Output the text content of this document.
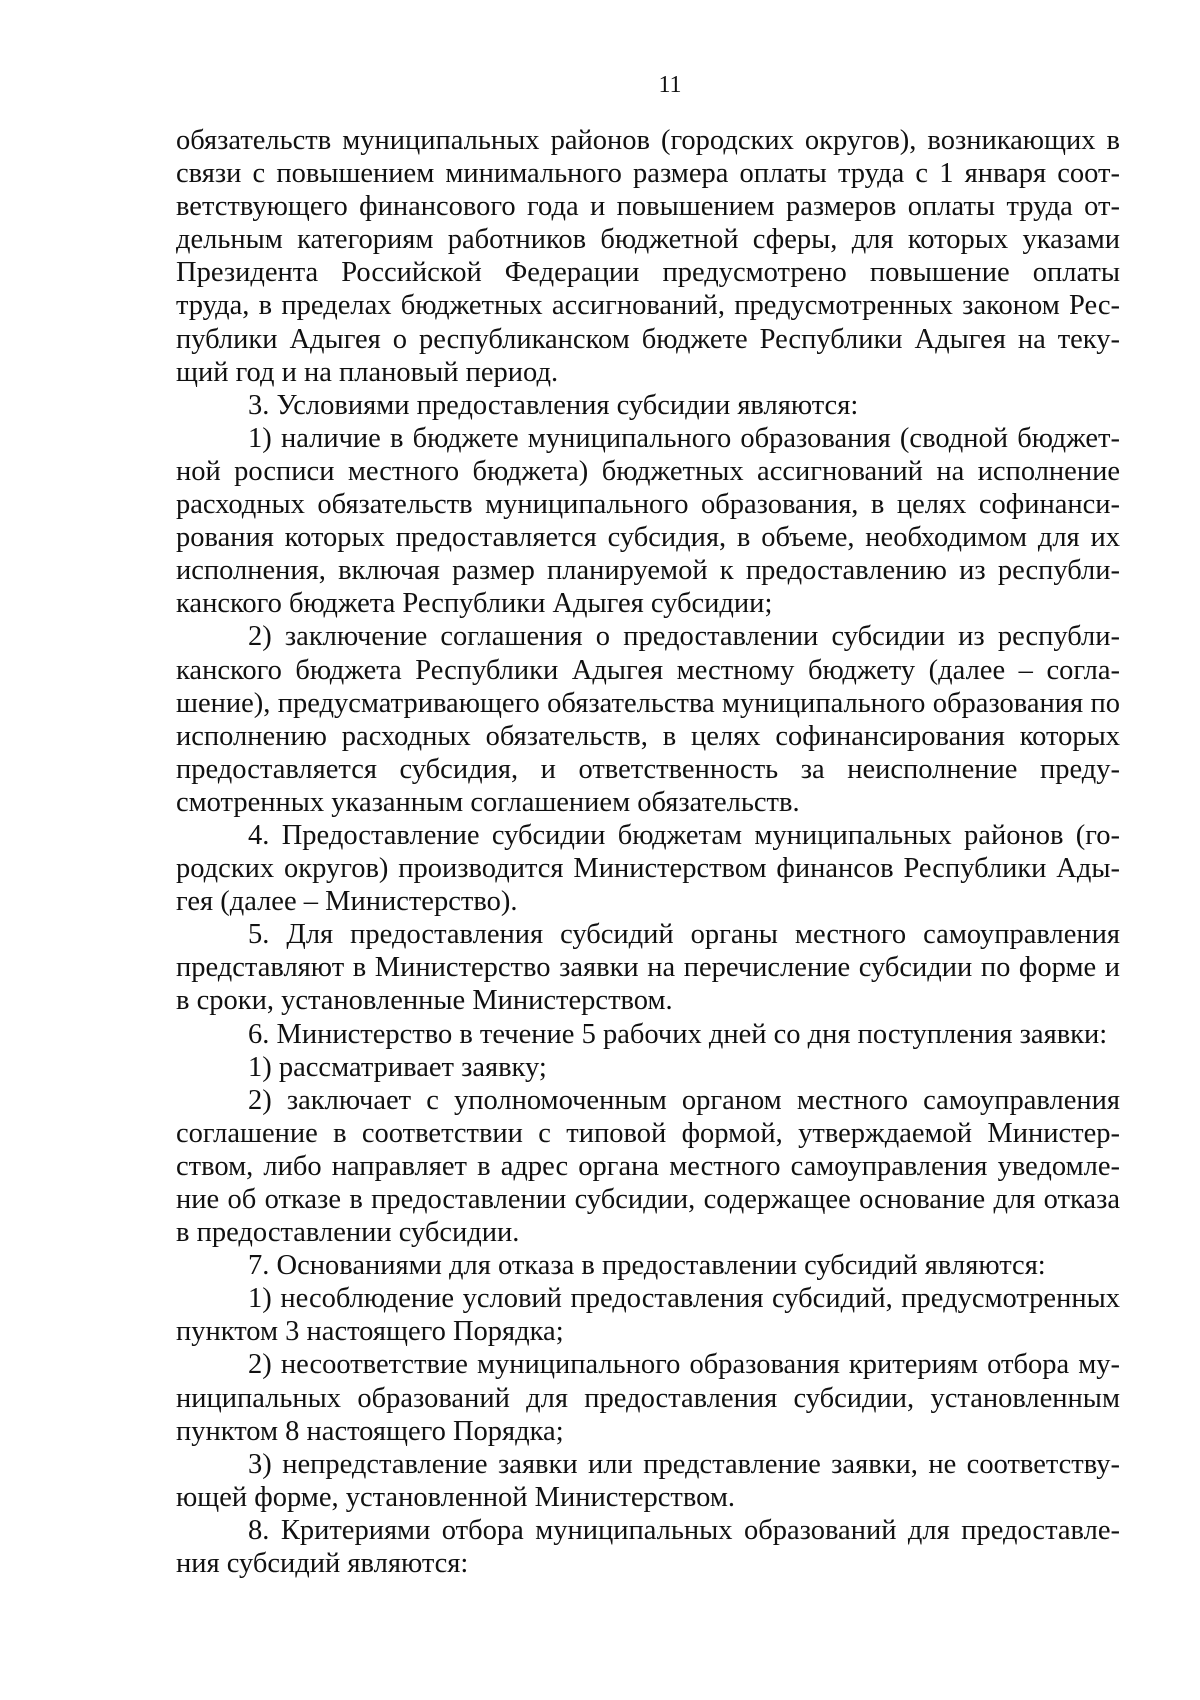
11

обязательств муниципальных районов (городских округов), возникающих в связи с повышением минимального размера оплаты труда с 1 января соответствующего финансового года и повышением размеров оплаты труда отдельным категориям работников бюджетной сферы, для которых указами Президента Российской Федерации предусмотрено повышение оплаты труда, в пределах бюджетных ассигнований, предусмотренных законом Республики Адыгея о республиканском бюджете Республики Адыгея на текущий год и на плановый период.

3. Условиями предоставления субсидии являются:

1) наличие в бюджете муниципального образования (сводной бюджетной росписи местного бюджета) бюджетных ассигнований на исполнение расходных обязательств муниципального образования, в целях софинансирования которых предоставляется субсидия, в объеме, необходимом для их исполнения, включая размер планируемой к предоставлению из республиканского бюджета Республики Адыгея субсидии;

2) заключение соглашения о предоставлении субсидии из республиканского бюджета Республики Адыгея местному бюджету (далее – соглашение), предусматривающего обязательства муниципального образования по исполнению расходных обязательств, в целях софинансирования которых предоставляется субсидия, и ответственность за неисполнение предусмотренных указанным соглашением обязательств.

4. Предоставление субсидии бюджетам муниципальных районов (городских округов) производится Министерством финансов Республики Адыгея (далее – Министерство).

5. Для предоставления субсидий органы местного самоуправления представляют в Министерство заявки на перечисление субсидии по форме и в сроки, установленные Министерством.

6. Министерство в течение 5 рабочих дней со дня поступления заявки:

1) рассматривает заявку;

2) заключает с уполномоченным органом местного самоуправления соглашение в соответствии с типовой формой, утверждаемой Министерством, либо направляет в адрес органа местного самоуправления уведомление об отказе в предоставлении субсидии, содержащее основание для отказа в предоставлении субсидии.

7. Основаниями для отказа в предоставлении субсидий являются:

1) несоблюдение условий предоставления субсидий, предусмотренных пунктом 3 настоящего Порядка;

2) несоответствие муниципального образования критериям отбора муниципальных образований для предоставления субсидии, установленным пунктом 8 настоящего Порядка;

3) непредставление заявки или представление заявки, не соответствующей форме, установленной Министерством.

8. Критериями отбора муниципальных образований для предоставления субсидий являются:
